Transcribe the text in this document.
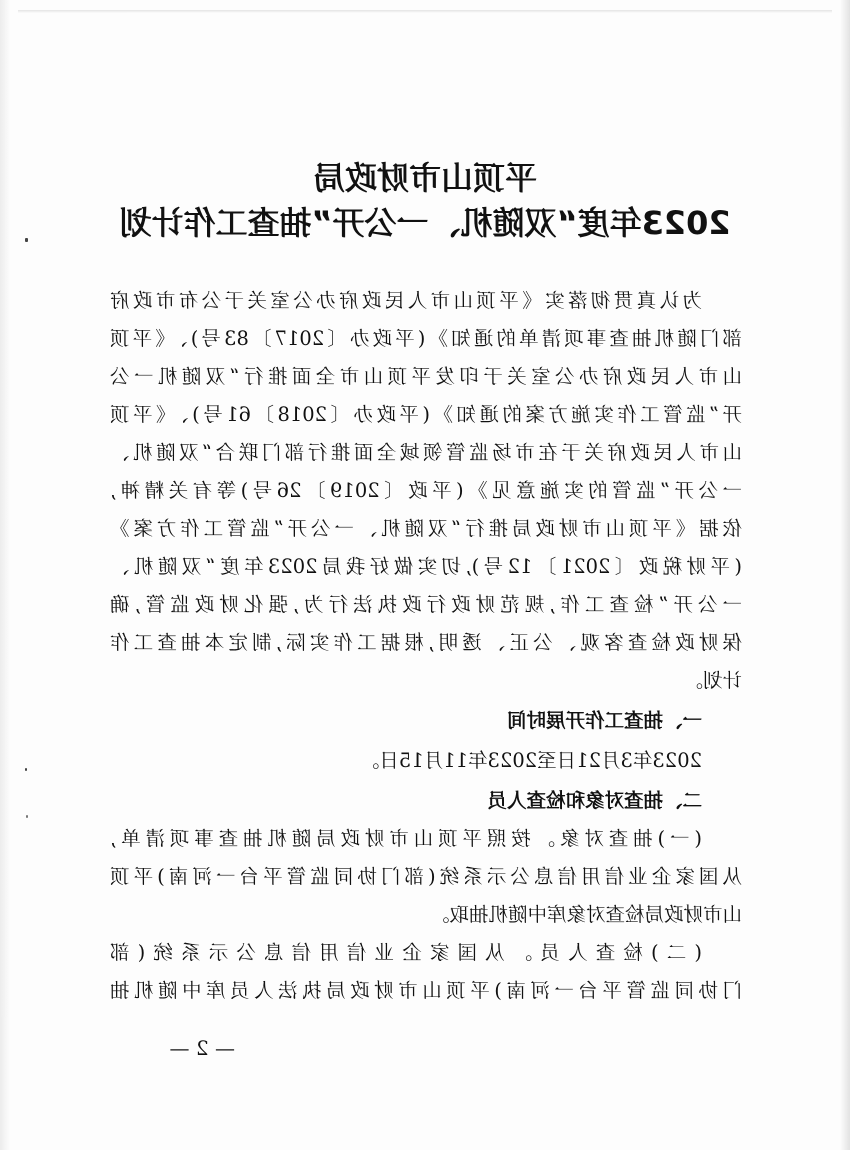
平顶山市财政局
2023年度“双随机、一公开”抽查工作计划

为认真贯彻落实《平顶山市人民政府办公室关于公布市政府

部门随机抽查事项清单的通知》(平政办〔2017〕83号)、《平顶

山市人民政府办公室关于印发平顶山市全面推行“双随机一公

开”监管工作实施方案的通知》(平政办〔2018〕61号)、《平顶

山市人民政府关于在市场监管领域全面推行部门联合“双随机、

一公开”监管的实施意见》(平政〔2019〕26号)等有关精神,

依据《平顶山市财政局推行“双随机、一公开”监管工作方案》

(平财税政〔2021〕12号),切实做好我局2023年度“双随机、

一公开”检查工作,规范财政行政执法行为,强化财政监管,确

保财政检查客观、公正、透明,根据工作实际,制定本抽查工作

计划。

一、抽查工作开展时间

2023年3月21日至2023年11月15日。

二、抽查对象和检查人员

(一)抽查对象。按照平顶山市财政局随机抽查事项清单,

从国家企业信用信息公示系统(部门协同监管平台一河南)平顶

山市财政局检查对象库中随机抽取。

(二)检查人员。从国家企业信用信息公示系统(部

门协同监管平台一河南)平顶山市财政局执法人员库中随机抽

— 2 —
